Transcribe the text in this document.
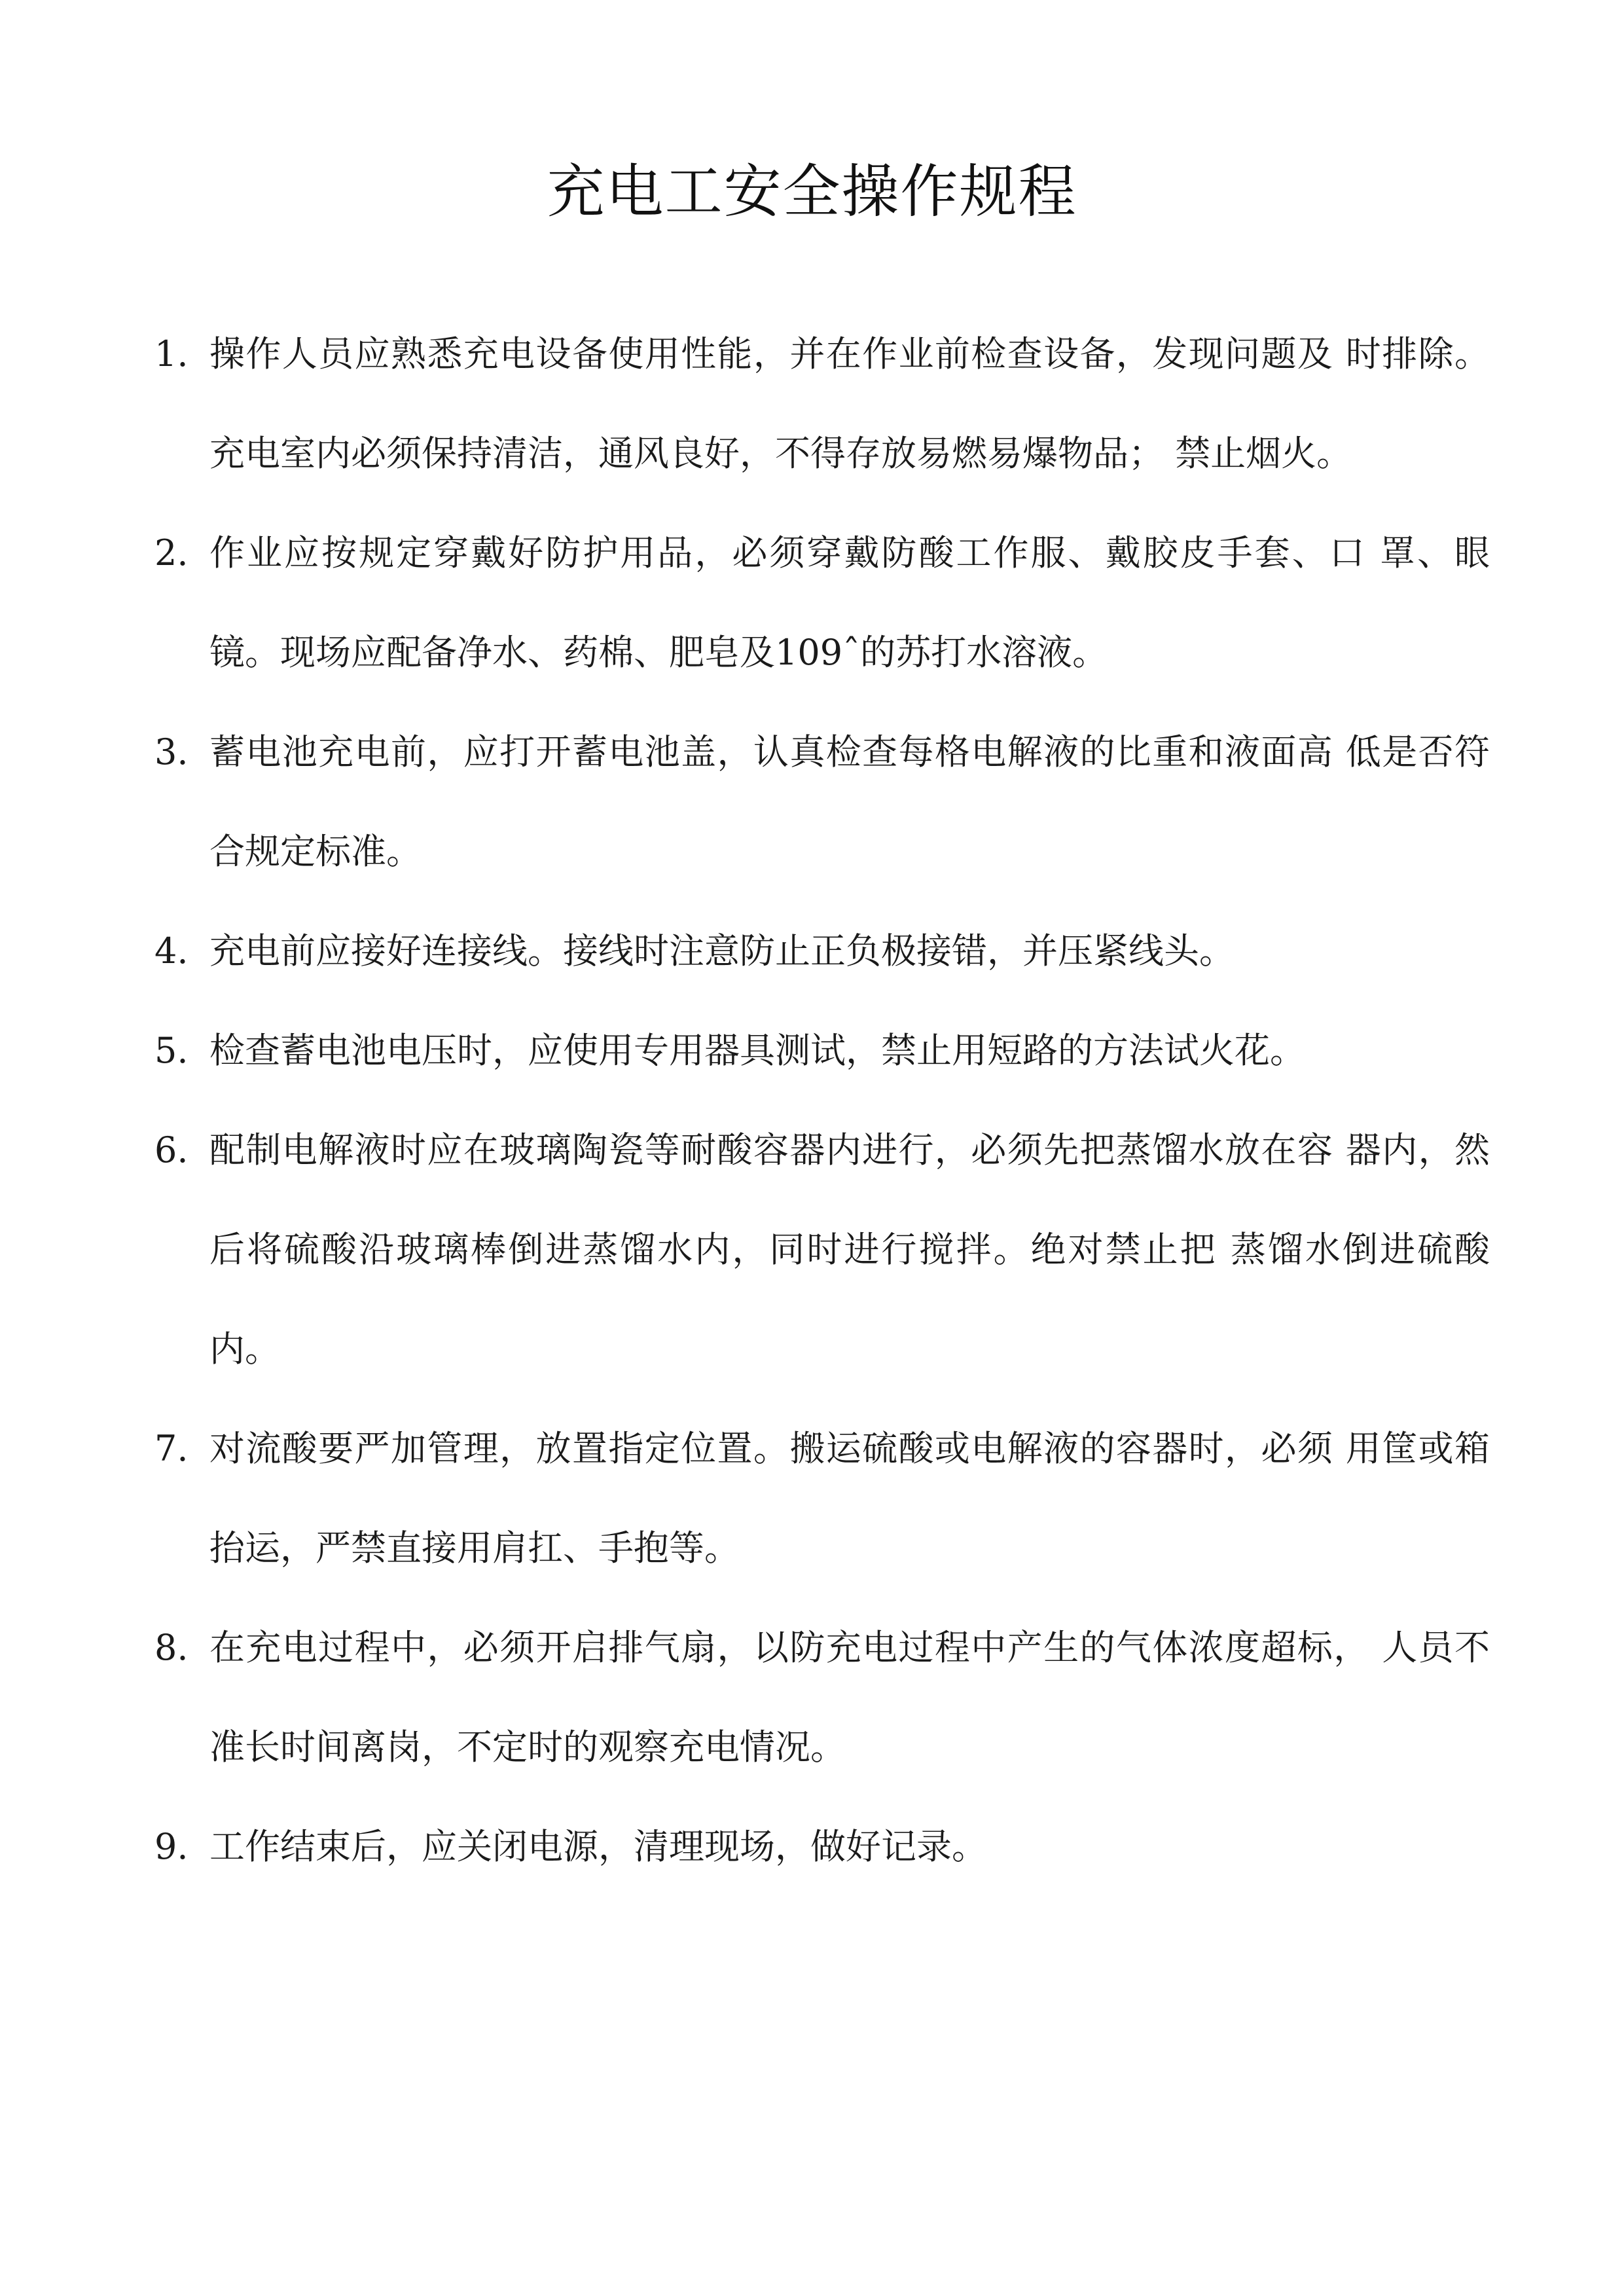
充电工安全操作规程
1. 操作人员应熟悉充电设备使用性能，并在作业前检查设备，发现问题及 时排除。充电室内必须保持清洁，通风良好，不得存放易燃易爆物品； 禁止烟火。
2. 作业应按规定穿戴好防护用品，必须穿戴防酸工作服、戴胶皮手套、口 罩、眼镜。现场应配备净水、药棉、肥皂及109ˆ的苏打水溶液。
3. 蓄电池充电前，应打开蓄电池盖，认真检查每格电解液的比重和液面高 低是否符合规定标准。
4. 充电前应接好连接线。接线时注意防止正负极接错，并压紧线头。
5. 检查蓄电池电压时，应使用专用器具测试，禁止用短路的方法试火花。
6. 配制电解液时应在玻璃陶瓷等耐酸容器内进行，必须先把蒸馏水放在容 器内，然后将硫酸沿玻璃棒倒进蒸馏水内，同时进行搅拌。绝对禁止把 蒸馏水倒进硫酸内。
7. 对流酸要严加管理，放置指定位置。搬运硫酸或电解液的容器时，必须 用筐或箱抬运，严禁直接用肩扛、手抱等。
8. 在充电过程中，必须开启排气扇，以防充电过程中产生的气体浓度超标， 人员不准长时间离岗，不定时的观察充电情况。
9. 工作结束后，应关闭电源，清理现场，做好记录。
